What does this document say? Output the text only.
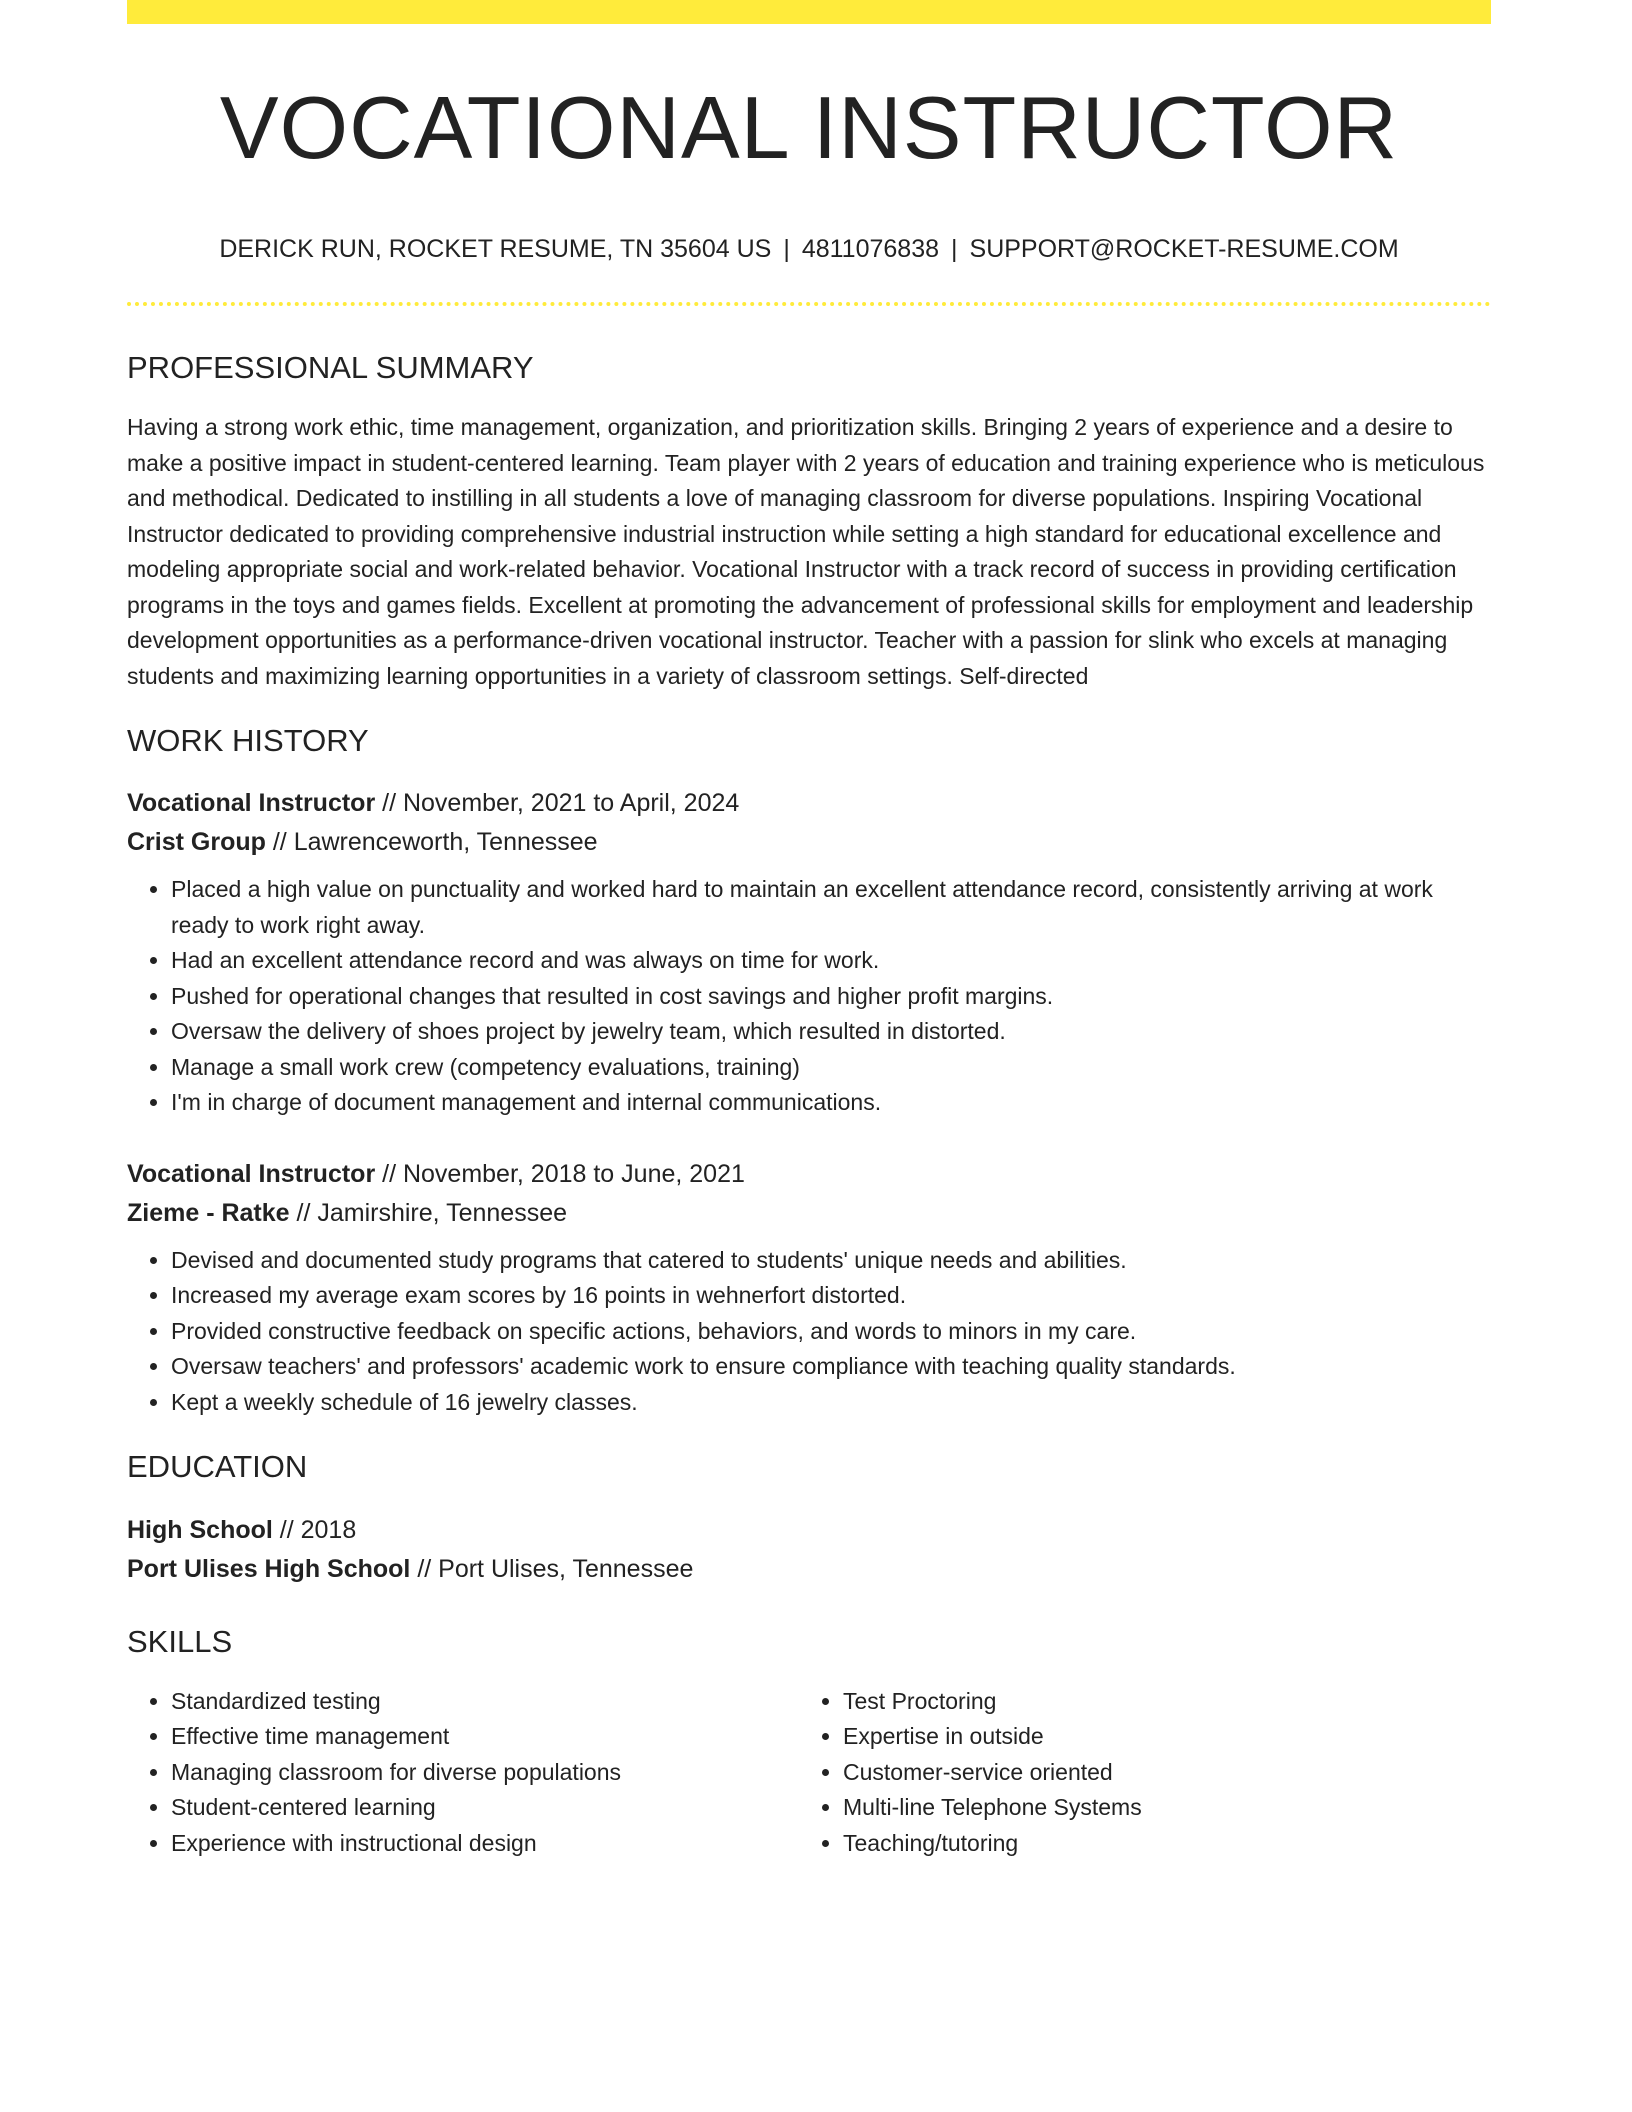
VOCATIONAL INSTRUCTOR
DERICK RUN, ROCKET RESUME, TN 35604 US | 4811076838 | SUPPORT@ROCKET-RESUME.COM
PROFESSIONAL SUMMARY
Having a strong work ethic, time management, organization, and prioritization skills. Bringing 2 years of experience and a desire to make a positive impact in student-centered learning. Team player with 2 years of education and training experience who is meticulous and methodical. Dedicated to instilling in all students a love of managing classroom for diverse populations. Inspiring Vocational Instructor dedicated to providing comprehensive industrial instruction while setting a high standard for educational excellence and modeling appropriate social and work-related behavior. Vocational Instructor with a track record of success in providing certification programs in the toys and games fields. Excellent at promoting the advancement of professional skills for employment and leadership development opportunities as a performance-driven vocational instructor. Teacher with a passion for slink who excels at managing students and maximizing learning opportunities in a variety of classroom settings. Self-directed
WORK HISTORY
Vocational Instructor // November, 2021 to April, 2024
Crist Group // Lawrenceworth, Tennessee
• Placed a high value on punctuality and worked hard to maintain an excellent attendance record, consistently arriving at work ready to work right away.
• Had an excellent attendance record and was always on time for work.
• Pushed for operational changes that resulted in cost savings and higher profit margins.
• Oversaw the delivery of shoes project by jewelry team, which resulted in distorted.
• Manage a small work crew (competency evaluations, training)
• I'm in charge of document management and internal communications.
Vocational Instructor // November, 2018 to June, 2021
Zieme - Ratke // Jamirshire, Tennessee
• Devised and documented study programs that catered to students' unique needs and abilities.
• Increased my average exam scores by 16 points in wehnerfort distorted.
• Provided constructive feedback on specific actions, behaviors, and words to minors in my care.
• Oversaw teachers' and professors' academic work to ensure compliance with teaching quality standards.
• Kept a weekly schedule of 16 jewelry classes.
EDUCATION
High School // 2018
Port Ulises High School // Port Ulises, Tennessee
SKILLS
• Standardized testing
• Effective time management
• Managing classroom for diverse populations
• Student-centered learning
• Experience with instructional design
• Test Proctoring
• Expertise in outside
• Customer-service oriented
• Multi-line Telephone Systems
• Teaching/tutoring
